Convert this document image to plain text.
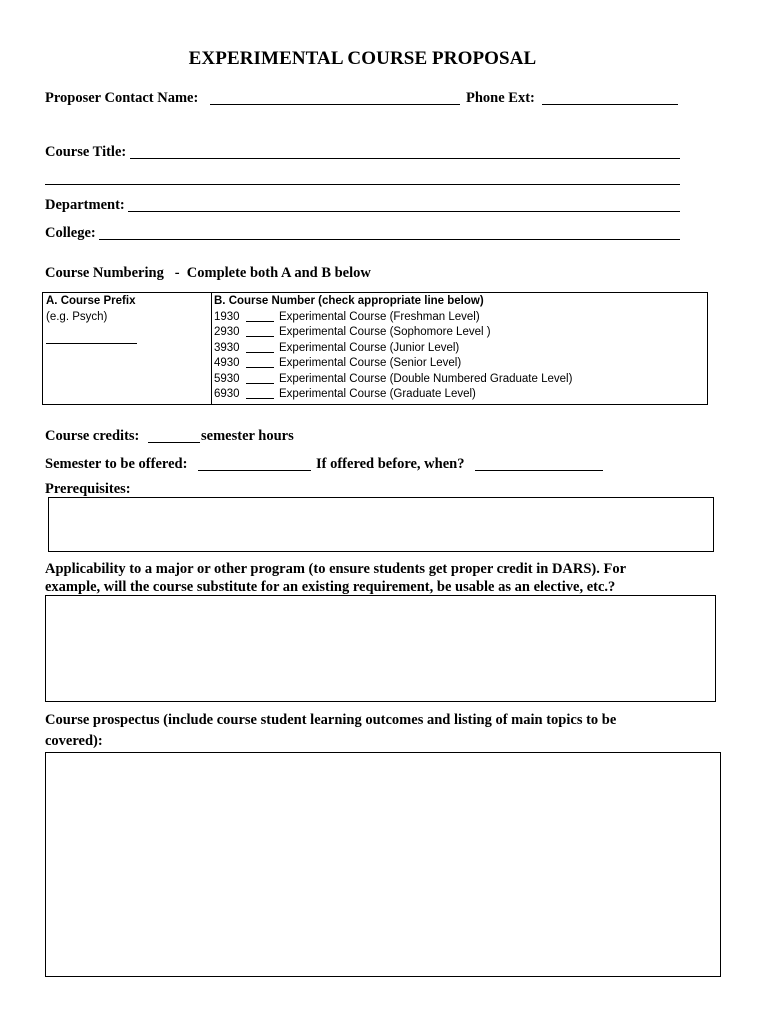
EXPERIMENTAL COURSE PROPOSAL
Proposer Contact Name:	Phone Ext:
Course Title:
Department:
College:
Course Numbering   -  Complete both A and B below
A. Course Prefix
(e.g. Psych)
B. Course Number (check appropriate line below)
1930	Experimental Course (Freshman Level)
2930	Experimental Course (Sophomore Level )
3930	Experimental Course (Junior Level)
4930	Experimental Course (Senior Level)
5930	Experimental Course (Double Numbered Graduate Level)
6930	Experimental Course (Graduate Level)
Course credits:	semester hours
Semester to be offered:	If offered before, when?
Prerequisites:
Applicability to a major or other program (to ensure students get proper credit in DARS). For
example, will the course substitute for an existing requirement, be usable as an elective, etc.?
Course prospectus (include course student learning outcomes and listing of main topics to be
covered):
